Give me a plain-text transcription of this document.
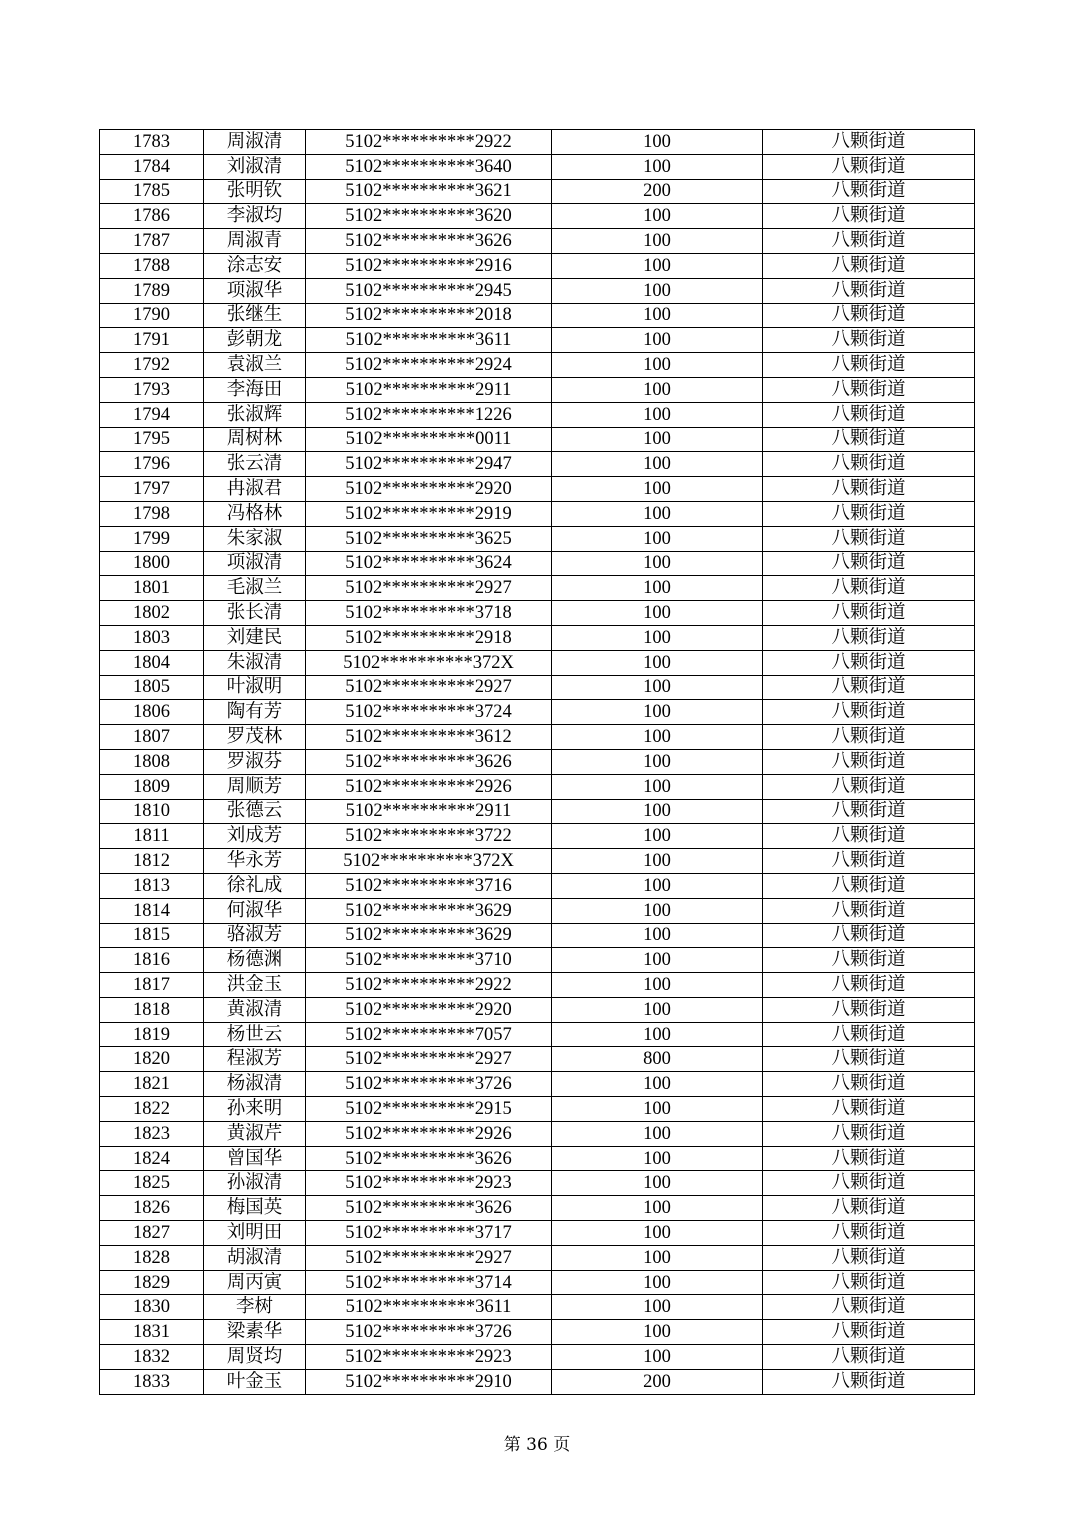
1783	周淑清	5102**********2922	100	八颗街道
1784	刘淑清	5102**********3640	100	八颗街道
1785	张明钦	5102**********3621	200	八颗街道
1786	李淑均	5102**********3620	100	八颗街道
1787	周淑青	5102**********3626	100	八颗街道
1788	涂志安	5102**********2916	100	八颗街道
1789	项淑华	5102**********2945	100	八颗街道
1790	张继生	5102**********2018	100	八颗街道
1791	彭朝龙	5102**********3611	100	八颗街道
1792	袁淑兰	5102**********2924	100	八颗街道
1793	李海田	5102**********2911	100	八颗街道
1794	张淑辉	5102**********1226	100	八颗街道
1795	周树林	5102**********0011	100	八颗街道
1796	张云清	5102**********2947	100	八颗街道
1797	冉淑君	5102**********2920	100	八颗街道
1798	冯格林	5102**********2919	100	八颗街道
1799	朱家淑	5102**********3625	100	八颗街道
1800	项淑清	5102**********3624	100	八颗街道
1801	毛淑兰	5102**********2927	100	八颗街道
1802	张长清	5102**********3718	100	八颗街道
1803	刘建民	5102**********2918	100	八颗街道
1804	朱淑清	5102**********372X	100	八颗街道
1805	叶淑明	5102**********2927	100	八颗街道
1806	陶有芳	5102**********3724	100	八颗街道
1807	罗茂林	5102**********3612	100	八颗街道
1808	罗淑芬	5102**********3626	100	八颗街道
1809	周顺芳	5102**********2926	100	八颗街道
1810	张德云	5102**********2911	100	八颗街道
1811	刘成芳	5102**********3722	100	八颗街道
1812	华永芳	5102**********372X	100	八颗街道
1813	徐礼成	5102**********3716	100	八颗街道
1814	何淑华	5102**********3629	100	八颗街道
1815	骆淑芳	5102**********3629	100	八颗街道
1816	杨德渊	5102**********3710	100	八颗街道
1817	洪金玉	5102**********2922	100	八颗街道
1818	黄淑清	5102**********2920	100	八颗街道
1819	杨世云	5102**********7057	100	八颗街道
1820	程淑芳	5102**********2927	800	八颗街道
1821	杨淑清	5102**********3726	100	八颗街道
1822	孙来明	5102**********2915	100	八颗街道
1823	黄淑芹	5102**********2926	100	八颗街道
1824	曾国华	5102**********3626	100	八颗街道
1825	孙淑清	5102**********2923	100	八颗街道
1826	梅国英	5102**********3626	100	八颗街道
1827	刘明田	5102**********3717	100	八颗街道
1828	胡淑清	5102**********2927	100	八颗街道
1829	周丙寅	5102**********3714	100	八颗街道
1830	李树	5102**********3611	100	八颗街道
1831	梁素华	5102**********3726	100	八颗街道
1832	周贤均	5102**********2923	100	八颗街道
1833	叶金玉	5102**********2910	200	八颗街道
第 36 页
